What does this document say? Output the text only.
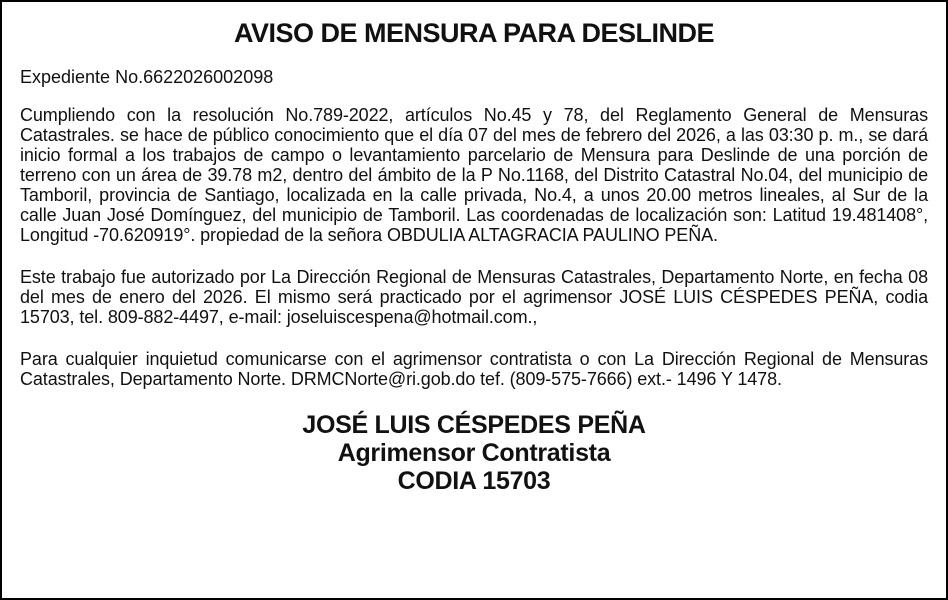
AVISO DE MENSURA PARA DESLINDE
Expediente No.6622026002098

Cumpliendo con la resolución No.789-2022, artículos No.45 y 78, del Reglamento General de Mensuras Catastrales. se hace de público conocimiento que el día 07 del mes de febrero del 2026, a las 03:30 p. m., se dará inicio formal a los trabajos de campo o levantamiento parcelario de Mensura para Deslinde de una porción de terreno con un área de 39.78 m2, dentro del ámbito de la P No.1168, del Distrito Catastral No.04, del municipio de Tamboril, provincia de Santiago, localizada en la calle privada, No.4, a unos 20.00 metros lineales, al Sur de la calle Juan José Domínguez, del municipio de Tamboril. Las coordenadas de localización son: Latitud 19.481408°, Longitud -70.620919°. propiedad de la señora OBDULIA ALTAGRACIA PAULINO PEÑA.

Este trabajo fue autorizado por La Dirección Regional de Mensuras Catastrales, Departamento Norte, en fecha 08 del mes de enero del 2026. El mismo será practicado por el agrimensor JOSÉ LUIS CÉSPEDES PEÑA, codia 15703, tel. 809-882-4497, e-mail: joseluiscespena@hotmail.com.,

Para cualquier inquietud comunicarse con el agrimensor contratista o con La Dirección Regional de Mensuras Catastrales, Departamento Norte. DRMCNorte@ri.gob.do tef. (809-575-7666) ext.- 1496 Y 1478.

JOSÉ LUIS CÉSPEDES PEÑA
Agrimensor Contratista
CODIA 15703
